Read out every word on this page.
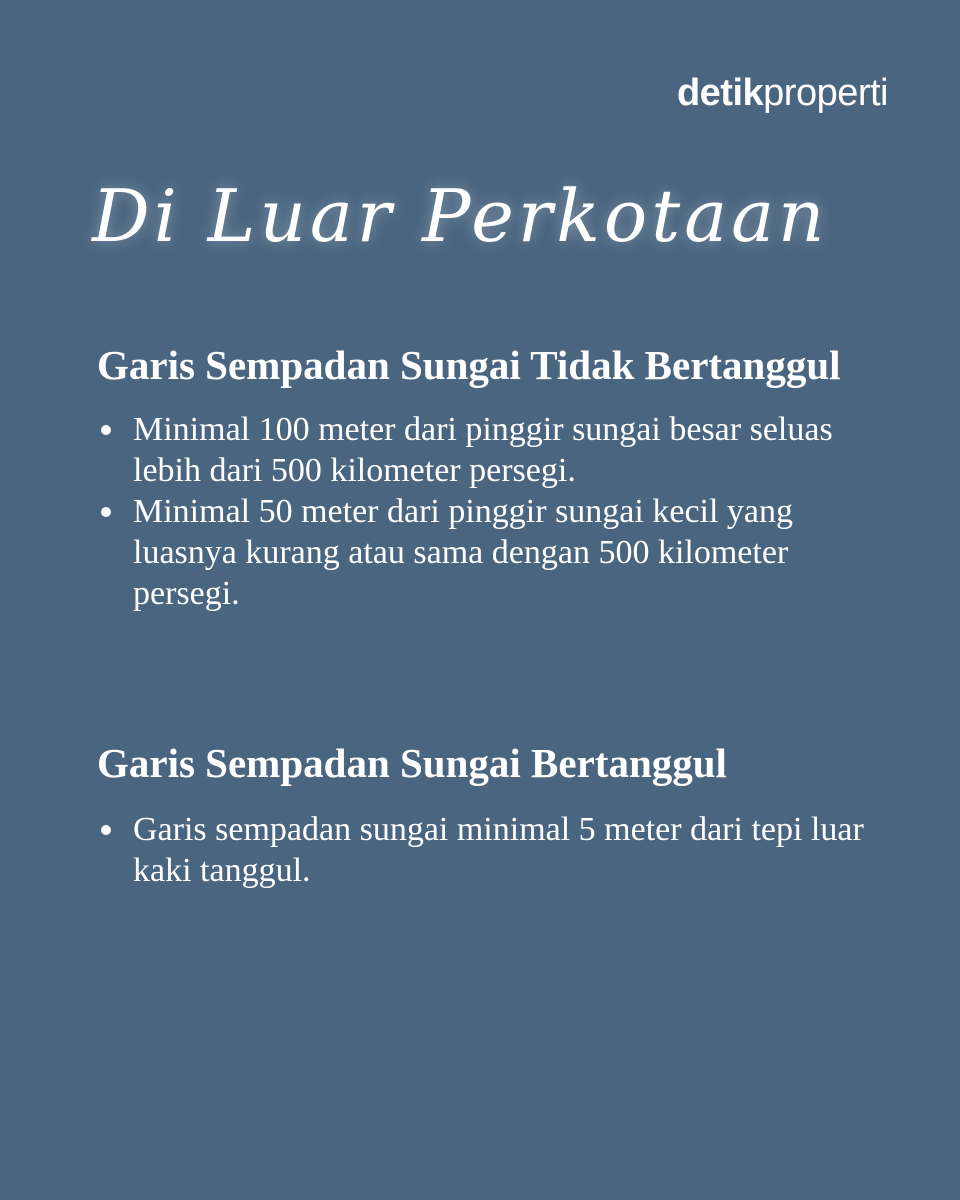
detikproperti
Di Luar Perkotaan
Garis Sempadan Sungai Tidak Bertanggul
Minimal 100 meter dari pinggir sungai besar seluas lebih dari 500 kilometer persegi.
Minimal 50 meter dari pinggir sungai kecil yang luasnya kurang atau sama dengan 500 kilometer persegi.
Garis Sempadan Sungai Bertanggul
Garis sempadan sungai minimal 5 meter dari tepi luar kaki tanggul.
